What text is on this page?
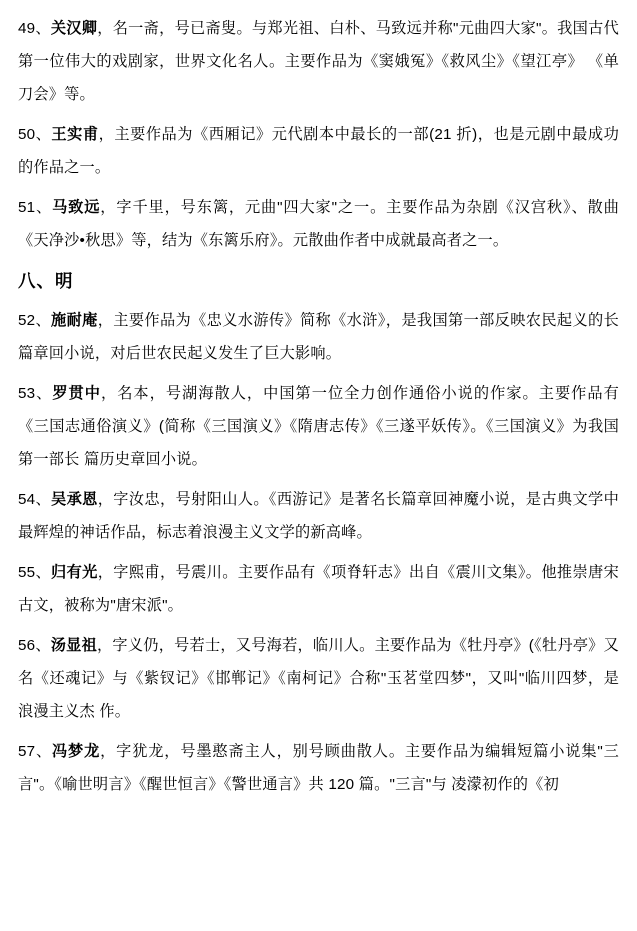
49、关汉卿，名一斋，号已斋叟。与郑光祖、白朴、马致远并称"元曲四大家"。我国古代第一位伟大的戏剧家，世界文化名人。主要作品为《窦娥冤》《救风尘》《望江亭》 《单刀会》等。

50、王实甫，主要作品为《西厢记》元代剧本中最长的一部(21 折)，也是元剧中最成功的作品之一。

51、马致远，字千里，号东篱，元曲"四大家"之一。主要作品为杂剧《汉宫秋》、散曲《天净沙•秋思》等，结为《东篱乐府》。元散曲作者中成就最高者之一。

八、明

52、施耐庵，主要作品为《忠义水游传》简称《水浒》，是我国第一部反映农民起义的长篇章回小说，对后世农民起义发生了巨大影响。

53、罗贯中，名本，号湖海散人，中国第一位全力创作通俗小说的作家。主要作品有《三国志通俗演义》(简称《三国演义》《隋唐志传》《三遂平妖传》。《三国演义》为我国第一部长 篇历史章回小说。

54、吴承恩，字汝忠，号射阳山人。《西游记》是著名长篇章回神魔小说，是古典文学中最辉煌的神话作品，标志着浪漫主义文学的新高峰。

55、归有光，字熙甫，号震川。主要作品有《项脊轩志》出自《震川文集》。他推崇唐宋古文，被称为"唐宋派"。

56、汤显祖，字义仍，号若士，又号海若，临川人。主要作品为《牡丹亭》(《牡丹亭》又名《还魂记》与《紫钗记》《邯郸记》《南柯记》合称"玉茗堂四梦"，又叫"临川四梦，是浪漫主义杰 作。

57、冯梦龙，字犹龙，号墨憨斋主人，别号顾曲散人。主要作品为编辑短篇小说集"三言"。《喻世明言》《醒世恒言》《警世通言》共 120 篇。"三言"与 凌濛初作的《初
